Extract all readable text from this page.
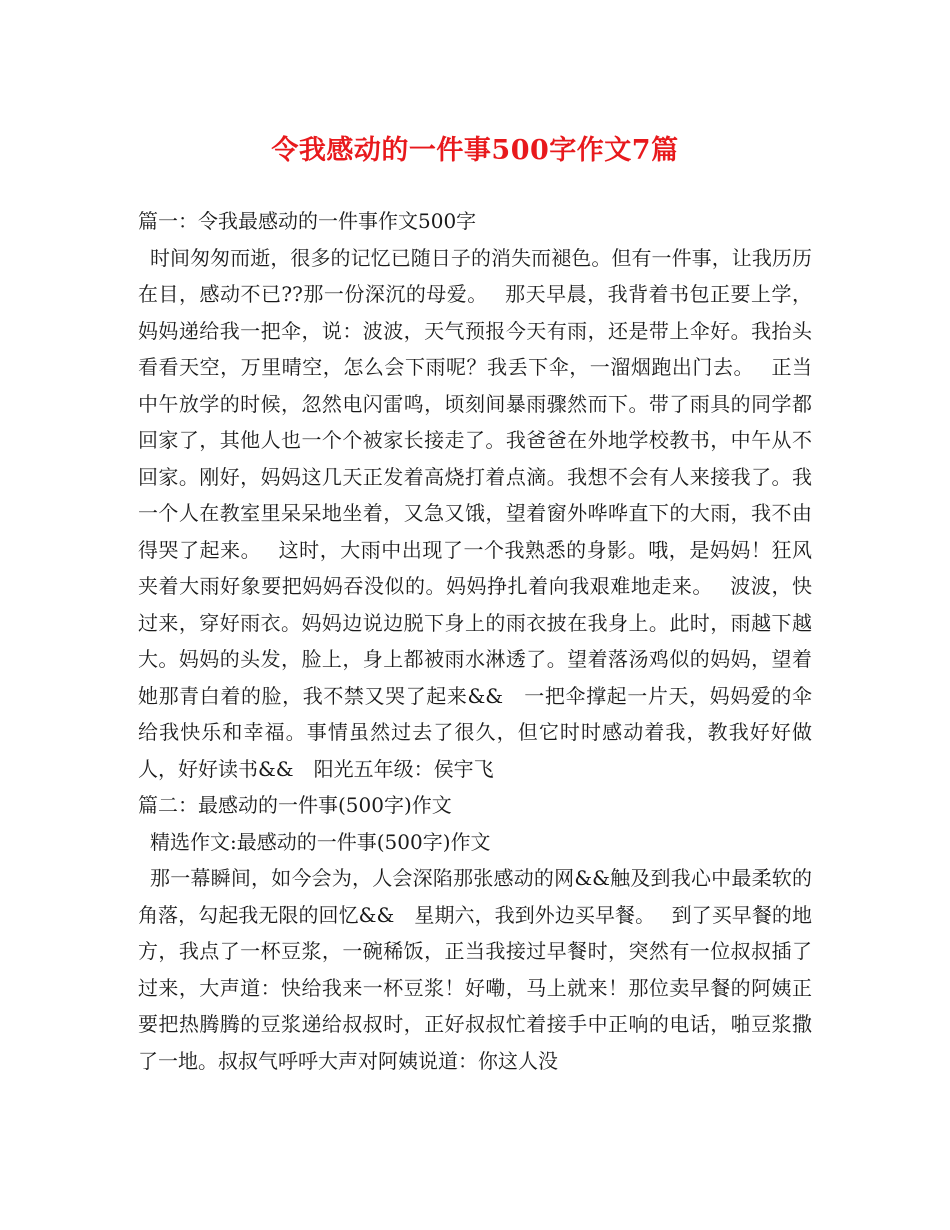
令我感动的一件事500字作文7篇

篇一：令我最感动的一件事作文500字

时间匆匆而逝，很多的记忆已随日子的消失而褪色。但有一件事，让我历历在目，感动不已??那一份深沉的母爱。　 那天早晨，我背着书包正要上学，妈妈递给我一把伞，说：波波，天气预报今天有雨，还是带上伞好。我抬头看看天空，万里晴空，怎么会下雨呢？我丢下伞，一溜烟跑出门去。　 正当中午放学的时候，忽然电闪雷鸣，顷刻间暴雨骤然而下。带了雨具的同学都回家了，其他人也一个个被家长接走了。我爸爸在外地学校教书，中午从不回家。刚好，妈妈这几天正发着高烧打着点滴。我想不会有人来接我了。我一个人在教室里呆呆地坐着，又急又饿，望着窗外哗哗直下的大雨，我不由得哭了起来。　 这时，大雨中出现了一个我熟悉的身影。哦，是妈妈！狂风夹着大雨好象要把妈妈吞没似的。妈妈挣扎着向我艰难地走来。　 波波，快过来，穿好雨衣。妈妈边说边脱下身上的雨衣披在我身上。此时，雨越下越大。妈妈的头发，脸上，身上都被雨水淋透了。望着落汤鸡似的妈妈，望着她那青白着的脸，我不禁又哭了起来&&　一把伞撑起一片天，妈妈爱的伞给我快乐和幸福。事情虽然过去了很久，但它时时感动着我，教我好好做人，好好读书&&　阳光五年级：侯宇飞

篇二：最感动的一件事(500字)作文

精选作文:最感动的一件事(500字)作文

那一幕瞬间，如今会为，人会深陷那张感动的网&&触及到我心中最柔软的角落，勾起我无限的回忆&&　星期六，我到外边买早餐。　 到了买早餐的地方，我点了一杯豆浆，一碗稀饭，正当我接过早餐时，突然有一位叔叔插了过来，大声道：快给我来一杯豆浆！好嘞，马上就来！那位卖早餐的阿姨正要把热腾腾的豆浆递给叔叔时，正好叔叔忙着接手中正响的电话，啪豆浆撒了一地。叔叔气呼呼大声对阿姨说道：你这人没
